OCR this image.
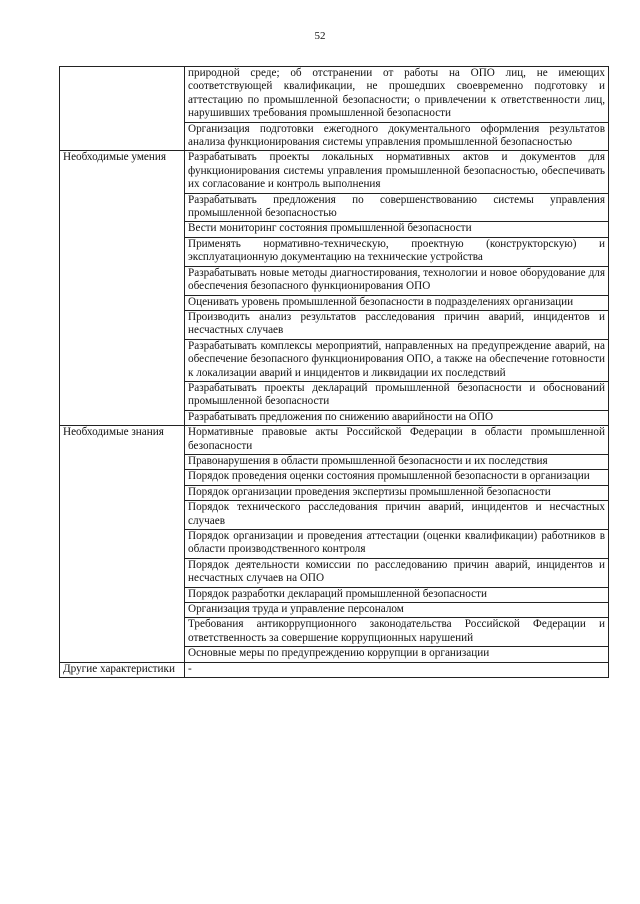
52
	природной среде; об отстранении от работы на ОПО лиц, не имеющих соответствующей квалификации, не прошедших своевременно подготовку и аттестацию по промышленной безопасности; о привлечении к ответственности лиц, нарушивших требования промышленной безопасности
	Организация подготовки ежегодного документального оформления результатов анализа функционирования системы управления промышленной безопасностью
Необходимые умения	Разрабатывать проекты локальных нормативных актов и документов для функционирования системы управления промышленной безопасностью, обеспечивать их согласование и контроль выполнения
	Разрабатывать предложения по совершенствованию системы управления промышленной безопасностью
	Вести мониторинг состояния промышленной безопасности
	Применять нормативно-техническую, проектную (конструкторскую) и эксплуатационную документацию на технические устройства
	Разрабатывать новые методы диагностирования, технологии и новое оборудование для обеспечения безопасного функционирования ОПО
	Оценивать уровень промышленной безопасности в подразделениях организации
	Производить анализ результатов расследования причин аварий, инцидентов и несчастных случаев
	Разрабатывать комплексы мероприятий, направленных на предупреждение аварий, на обеспечение безопасного функционирования ОПО, а также на обеспечение готовности к локализации аварий и инцидентов и ликвидации их последствий
	Разрабатывать проекты деклараций промышленной безопасности и обоснований промышленной безопасности
	Разрабатывать предложения по снижению аварийности на ОПО
Необходимые знания	Нормативные правовые акты Российской Федерации в области промышленной безопасности
	Правонарушения в области промышленной безопасности и их последствия
	Порядок проведения оценки состояния промышленной безопасности в организации
	Порядок организации проведения экспертизы промышленной безопасности
	Порядок технического расследования причин аварий, инцидентов и несчастных случаев
	Порядок организации и проведения аттестации (оценки квалификации) работников в области производственного контроля
	Порядок деятельности комиссии по расследованию причин аварий, инцидентов и несчастных случаев на ОПО
	Порядок разработки деклараций промышленной безопасности
	Организация труда и управление персоналом
	Требования антикоррупционного законодательства Российской Федерации и ответственность за совершение коррупционных нарушений
	Основные меры по предупреждению коррупции в организации
Другие характеристики	-
